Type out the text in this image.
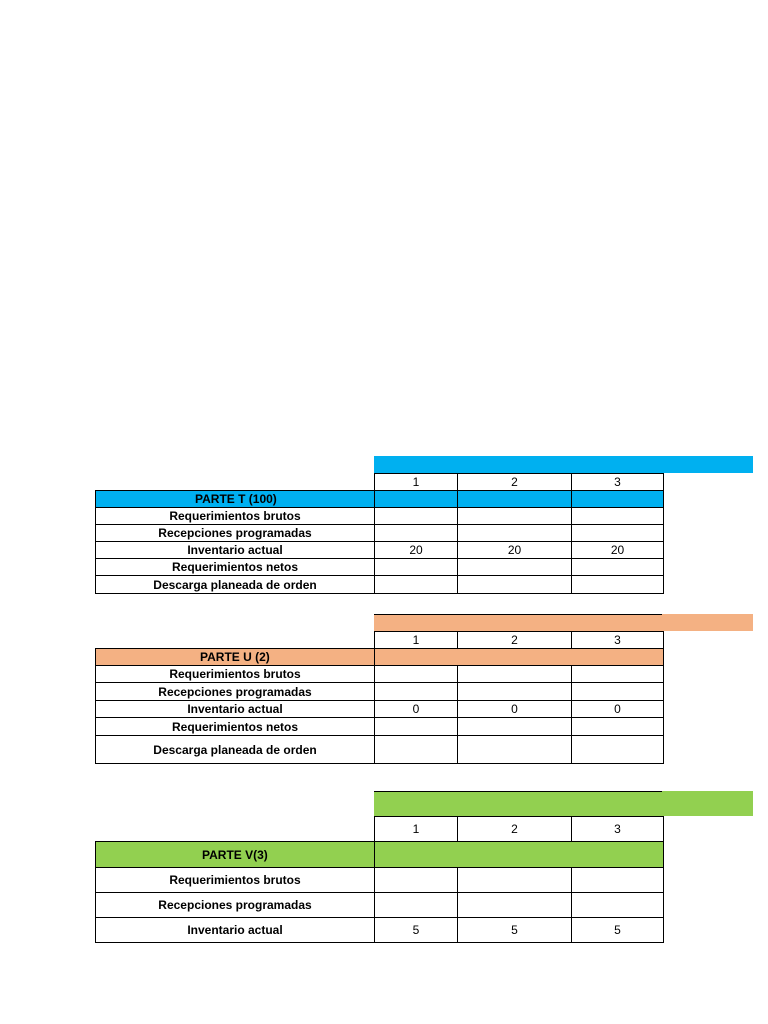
	1	2	3
PARTE T (100)			
Requerimientos brutos			
Recepciones programadas			
Inventario actual	20	20	20
Requerimientos netos			
Descarga planeada de orden			
	1	2	3
PARTE U (2)			
Requerimientos brutos			
Recepciones programadas			
Inventario actual	0	0	0
Requerimientos netos			
Descarga planeada de orden			
	1	2	3
PARTE V(3)			
Requerimientos brutos			
Recepciones programadas			
Inventario actual	5	5	5
